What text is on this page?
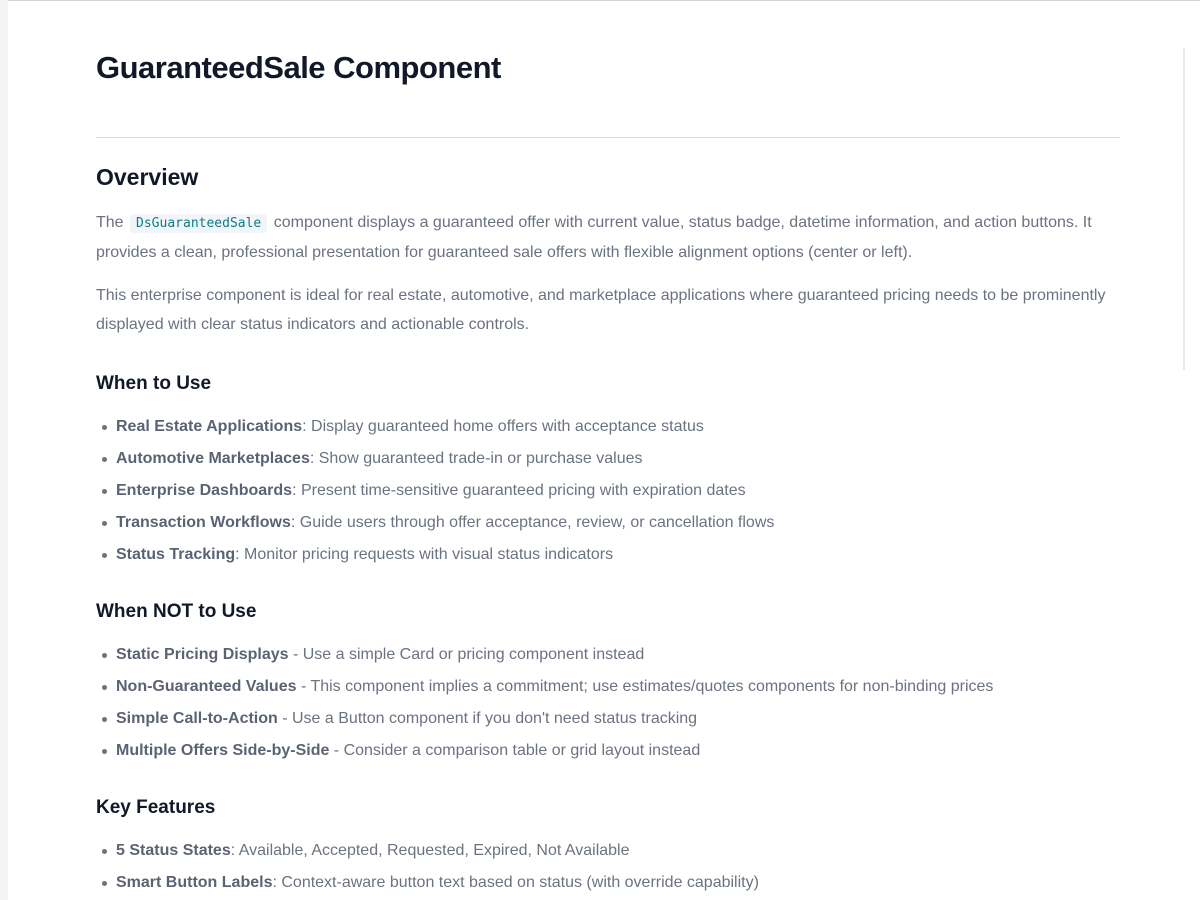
GuaranteedSale Component
Overview

The DsGuaranteedSale component displays a guaranteed offer with current value, status badge, datetime information, and action buttons. It provides a clean, professional presentation for guaranteed sale offers with flexible alignment options (center or left).

This enterprise component is ideal for real estate, automotive, and marketplace applications where guaranteed pricing needs to be prominently displayed with clear status indicators and actionable controls.

When to Use
Real Estate Applications: Display guaranteed home offers with acceptance status
Automotive Marketplaces: Show guaranteed trade-in or purchase values
Enterprise Dashboards: Present time-sensitive guaranteed pricing with expiration dates
Transaction Workflows: Guide users through offer acceptance, review, or cancellation flows
Status Tracking: Monitor pricing requests with visual status indicators
When NOT to Use
Static Pricing Displays - Use a simple Card or pricing component instead
Non-Guaranteed Values - This component implies a commitment; use estimates/quotes components for non-binding prices
Simple Call-to-Action - Use a Button component if you don't need status tracking
Multiple Offers Side-by-Side - Consider a comparison table or grid layout instead
Key Features
5 Status States: Available, Accepted, Requested, Expired, Not Available
Smart Button Labels: Context-aware button text based on status (with override capability)
